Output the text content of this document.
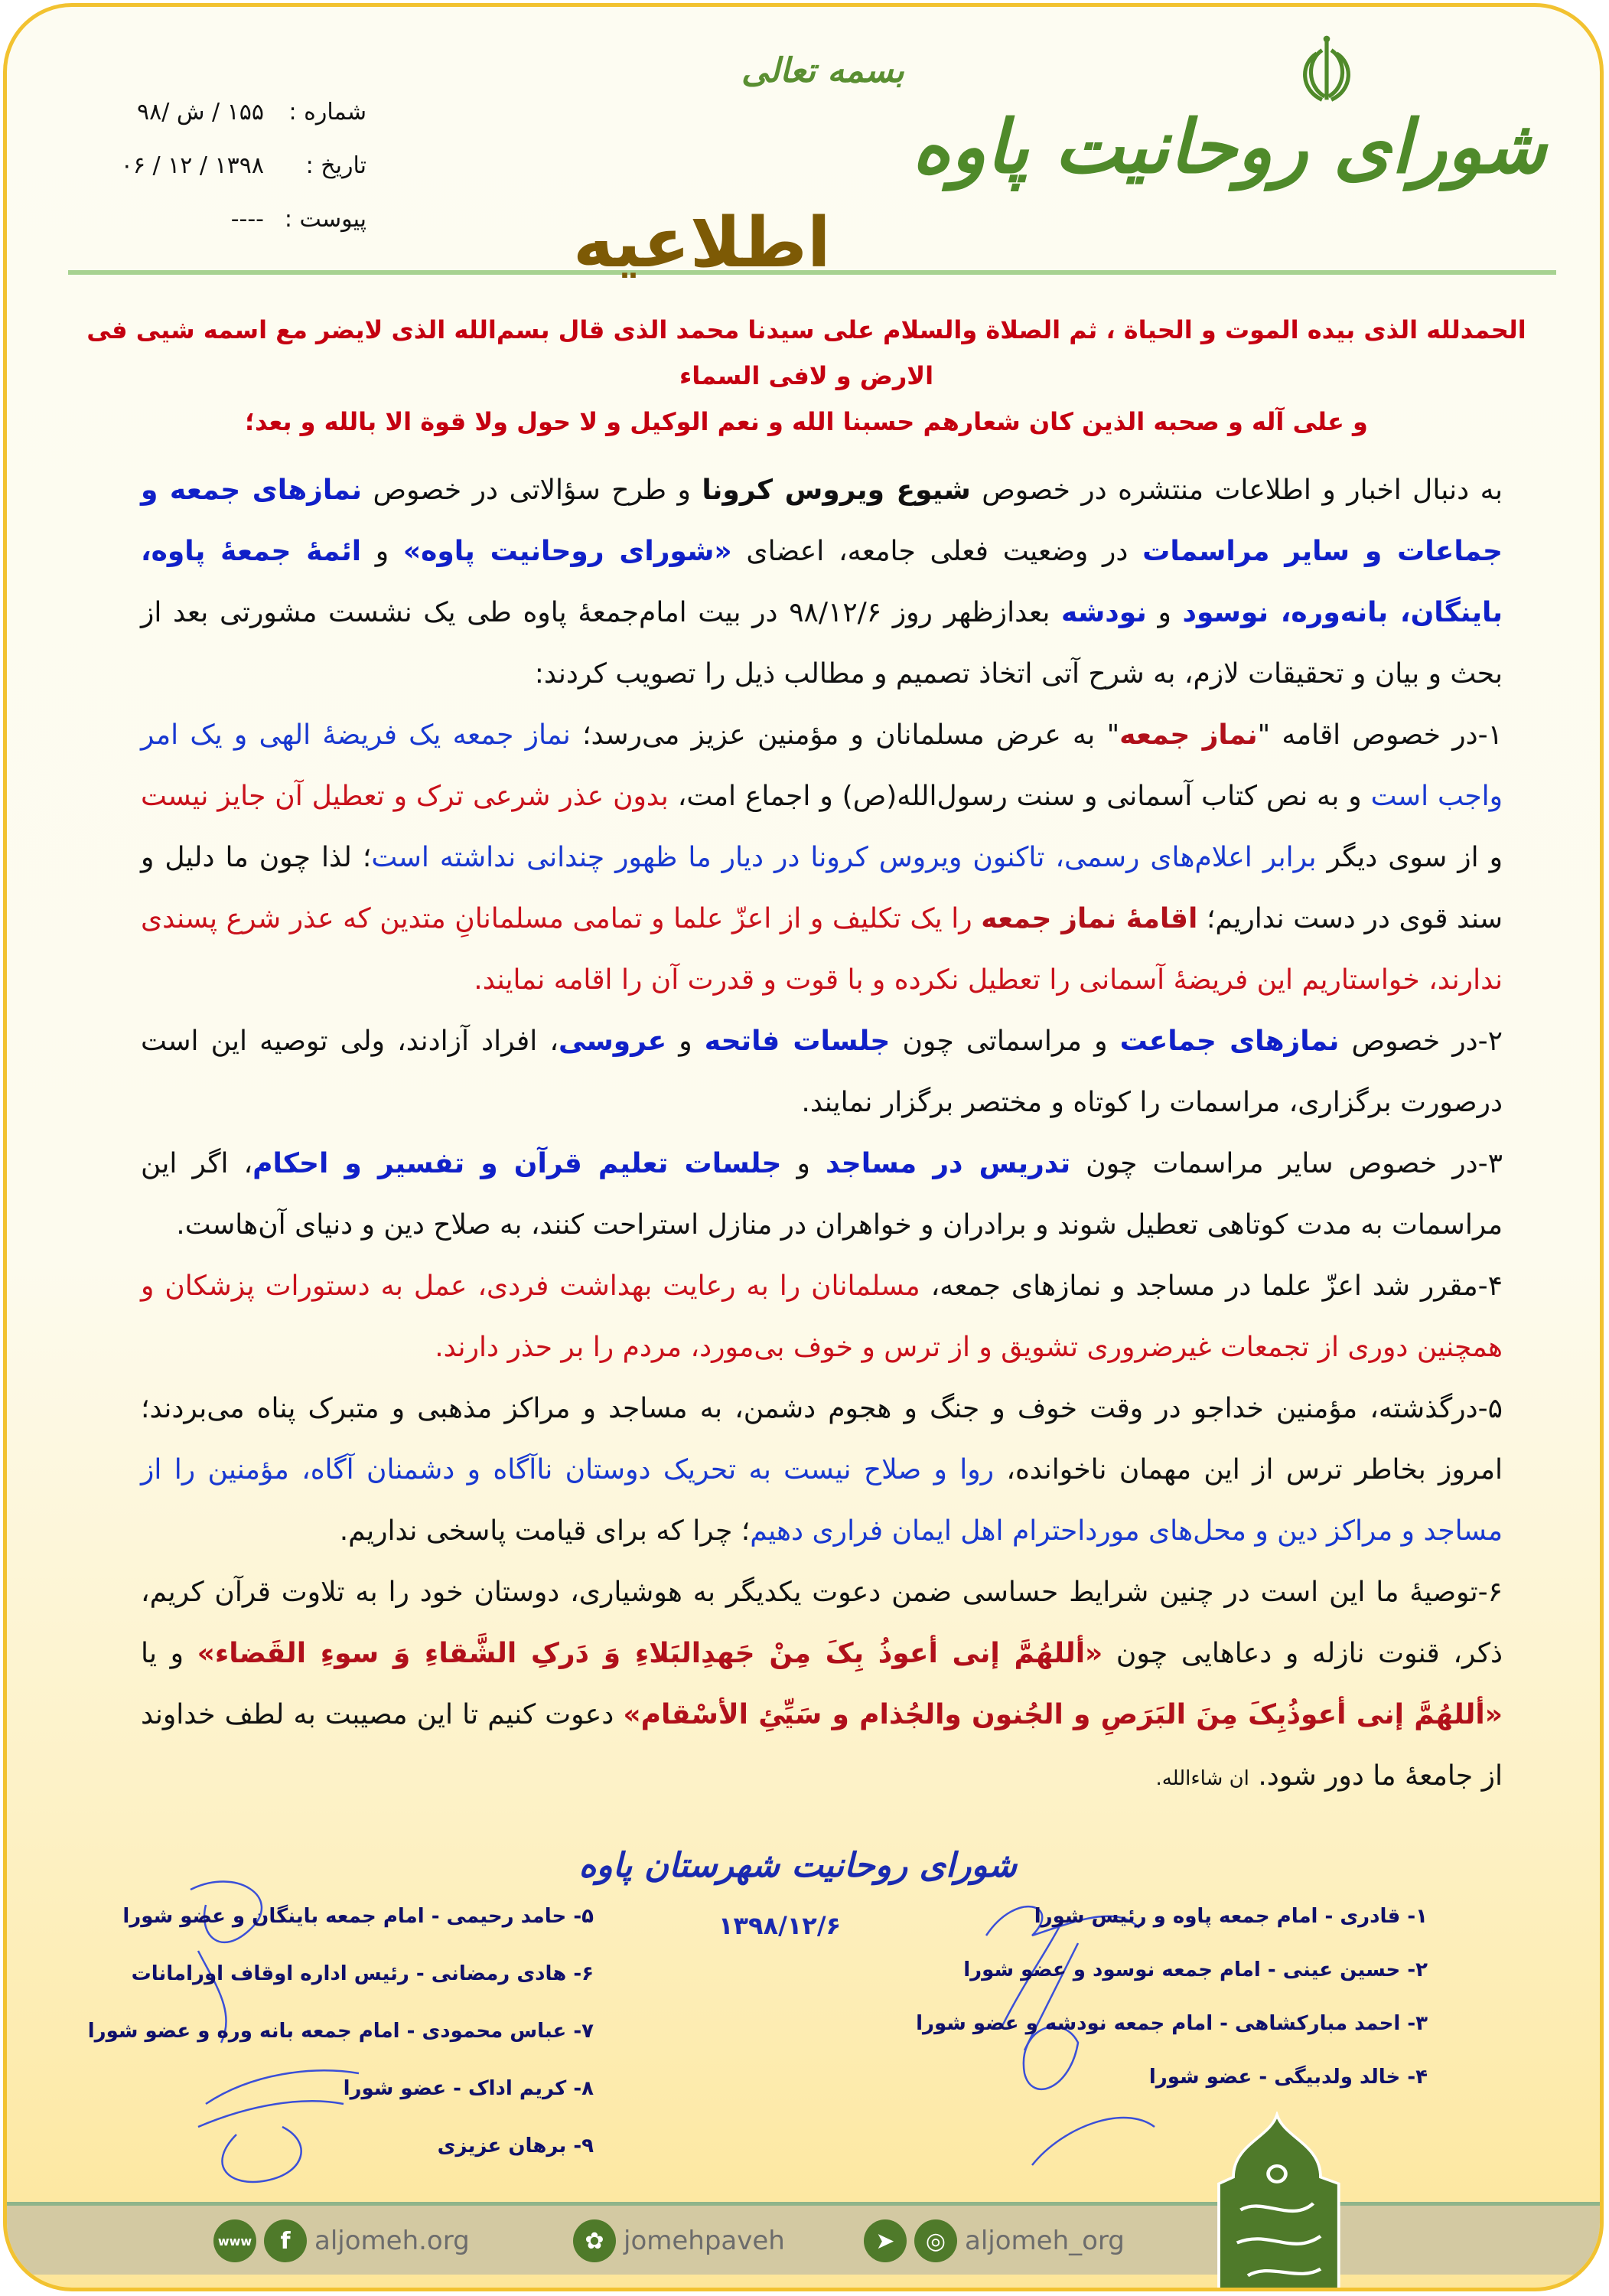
شورای روحانیت پاوه
بسمه تعالی
شماره :
۱۵۵ / ش /۹۸
تاریخ :
۱۳۹۸ / ۱۲ / ۰۶
پیوست :
----	اطلاعیه
الحمدلله الذی بیده الموت و الحیاة ، ثم الصلاة والسلام علی سیدنا محمد الذی قال بسم‌الله الذی لایضر مع اسمه شیی فی الارض و لافی السماء
و علی آله و صحبه الذین کان شعارهم حسبنا الله و نعم الوکیل و لا حول ولا قوة الا بالله و بعد؛

به دنبال اخبار و اطلاعات منتشره در خصوص شیوع ویروس کرونا و طرح سؤالاتی در خصوص نمازهای جمعه و جماعات و سایر مراسمات در وضعیت فعلی جامعه، اعضای «شورای روحانیت پاوه» و ائمهٔ جمعهٔ پاوه، باینگان، بانه‌وره، نوسود و نودشه بعدازظهر روز ۹۸/۱۲/۶ در بیت امام‌جمعهٔ پاوه طی یک نشست مشورتی بعد از بحث و بیان و تحقیقات لازم، به شرح آتی اتخاذ تصمیم و مطالب ذیل را تصویب کردند:

۱-در خصوص اقامه "نماز جمعه" به عرض مسلمانان و مؤمنین عزیز می‌رسد؛ نماز جمعه یک فریضهٔ الهی و یک امر واجب است و به نص کتاب آسمانی و سنت رسول‌الله(ص) و اجماع امت، بدون عذر شرعی ترک و تعطیل آن جایز نیست و از سوی دیگر برابر اعلام‌های رسمی، تاکنون ویروس کرونا در دیار ما ظهور چندانی نداشته است؛ لذا چون ما دلیل و سند قوی در دست نداریم؛ اقامهٔ نماز جمعه را یک تکلیف و از اعزّ علما و تمامی مسلمانانِ متدین که عذر شرع پسندی ندارند، خواستاریم این فریضهٔ آسمانی را تعطیل نکرده و با قوت و قدرت آن را اقامه نمایند.

۲-در خصوص نمازهای جماعت و مراسماتی چون جلسات فاتحه و عروسی، افراد آزادند، ولی توصیه این است درصورت برگزاری، مراسمات را کوتاه و مختصر برگزار نمایند.

۳-در خصوص سایر مراسمات چون تدریس در مساجد و جلسات تعلیم قرآن و تفسیر و احکام، اگر این مراسمات به مدت کوتاهی تعطیل شوند و برادران و خواهران در منازل استراحت کنند، به صلاح دین و دنیای آن‌هاست.

۴-مقرر شد اعزّ علما در مساجد و نمازهای جمعه، مسلمانان را به رعایت بهداشت فردی، عمل به دستورات پزشکان و همچنین دوری از تجمعات غیرضروری تشویق و از ترس و خوف بی‌مورد، مردم را بر حذر دارند.

۵-درگذشته، مؤمنین خداجو در وقت خوف و جنگ و هجوم دشمن، به مساجد و مراکز مذهبی و متبرک پناه می‌بردند؛ امروز بخاطر ترس از این مهمان ناخوانده، روا و صلاح نیست به تحریک دوستان ناآگاه و دشمنان آگاه، مؤمنین را از مساجد و مراکز دین و محل‌های مورداحترام اهل ایمان فراری دهیم؛ چرا که برای قیامت پاسخی نداریم.

۶-توصیهٔ ما این است در چنین شرایط حساسی ضمن دعوت یکدیگر به هوشیاری، دوستان خود را به تلاوت قرآن کریم، ذکر، قنوت نازله و دعاهایی چون «أللهُمَّ إنی أعوذُ بِکَ مِنْ جَهدِالبَلاءِ وَ دَرکِ الشَّقاءِ وَ سوءِ القَضاء» و یا «أللهُمَّ إنی أعوذُبِکَ مِنَ البَرَصِ و الجُنون والجُذام و سَیِّئِ الأسْقام» دعوت کنیم تا این مصیبت به لطف خداوند از جامعهٔ ما دور شود. ان شاءالله.

شورای روحانیت شهرستان پاوه
۱۳۹۸/۱۲/۶	۱- قادری - امام جمعه پاوه و رئیس شورا
۲- حسین عینی - امام جمعه نوسود و عضو شورا
۳- احمد مبارکشاهی - امام جمعه نودشه و عضو شورا
۴- خالد ولدبیگی - عضو شورا
۵- حامد رحیمی - امام جمعه باینگان و عضو شورا
۶- هادی رمضانی - رئیس اداره اوقاف اورامانات
۷- عباس محمودی - امام جمعه بانه وره و عضو شورا
۸- کریم اداک - عضو شورا
۹- برهان عزیزی
www	f aljomeh.org	✿ jomehpaveh	➤	◎ aljomeh_org
